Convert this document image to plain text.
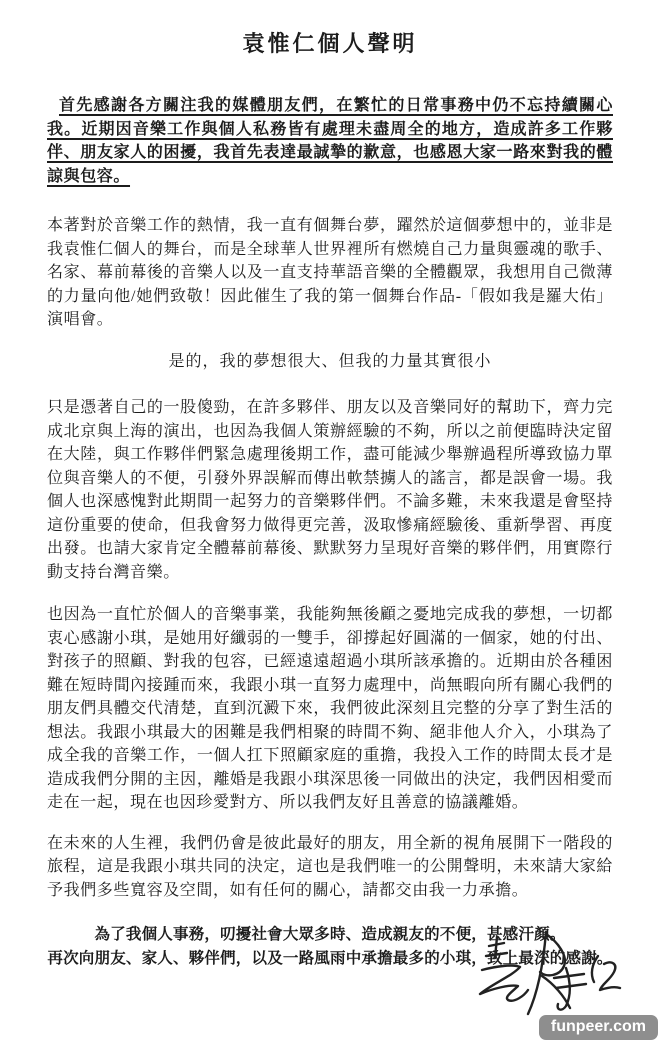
袁惟仁個人聲明

首先感謝各方關注我的媒體朋友們，在繁忙的日常事務中仍不忘持續關心我。近期因音樂工作與個人私務皆有處理未盡周全的地方，造成許多工作夥伴、朋友家人的困擾，我首先表達最誠摯的歉意，也感恩大家一路來對我的體諒與包容。

本著對於音樂工作的熱情，我一直有個舞台夢，躍然於這個夢想中的，並非是我袁惟仁個人的舞台，而是全球華人世界裡所有燃燒自己力量與靈魂的歌手、名家、幕前幕後的音樂人以及一直支持華語音樂的全體觀眾，我想用自己微薄的力量向他/她們致敬！因此催生了我的第一個舞台作品-「假如我是羅大佑」演唱會。

是的，我的夢想很大、但我的力量其實很小

只是憑著自己的一股傻勁，在許多夥伴、朋友以及音樂同好的幫助下，齊力完成北京與上海的演出，也因為我個人策辦經驗的不夠，所以之前便臨時決定留在大陸，與工作夥伴們緊急處理後期工作，盡可能減少舉辦過程所導致協力單位與音樂人的不便，引發外界誤解而傳出軟禁擄人的謠言，都是誤會一場。我個人也深感愧對此期間一起努力的音樂夥伴們。不論多難，未來我還是會堅持這份重要的使命，但我會努力做得更完善，汲取慘痛經驗後、重新學習、再度出發。也請大家肯定全體幕前幕後、默默努力呈現好音樂的夥伴們，用實際行動支持台灣音樂。

也因為一直忙於個人的音樂事業，我能夠無後顧之憂地完成我的夢想，一切都衷心感謝小琪，是她用好纖弱的一雙手，卻撐起好圓滿的一個家，她的付出、對孩子的照顧、對我的包容，已經遠遠超過小琪所該承擔的。近期由於各種困難在短時間內接踵而來，我跟小琪一直努力處理中，尚無暇向所有關心我們的朋友們具體交代清楚，直到沉澱下來，我們彼此深刻且完整的分享了對生活的想法。我跟小琪最大的困難是我們相聚的時間不夠、絕非他人介入，小琪為了成全我的音樂工作，一個人扛下照顧家庭的重擔，我投入工作的時間太長才是造成我們分開的主因，離婚是我跟小琪深思後一同做出的決定，我們因相愛而走在一起，現在也因珍愛對方、所以我們友好且善意的協議離婚。

在未來的人生裡，我們仍會是彼此最好的朋友，用全新的視角展開下一階段的旅程，這是我跟小琪共同的決定，這也是我們唯一的公開聲明，未來請大家給予我們多些寬容及空間，如有任何的關心，請都交由我一力承擔。

為了我個人事務，叨擾社會大眾多時、造成親友的不便，甚感汗顏。

再次向朋友、家人、夥伴們，以及一路風雨中承擔最多的小琪，致上最深的感謝。

funpeer.com
